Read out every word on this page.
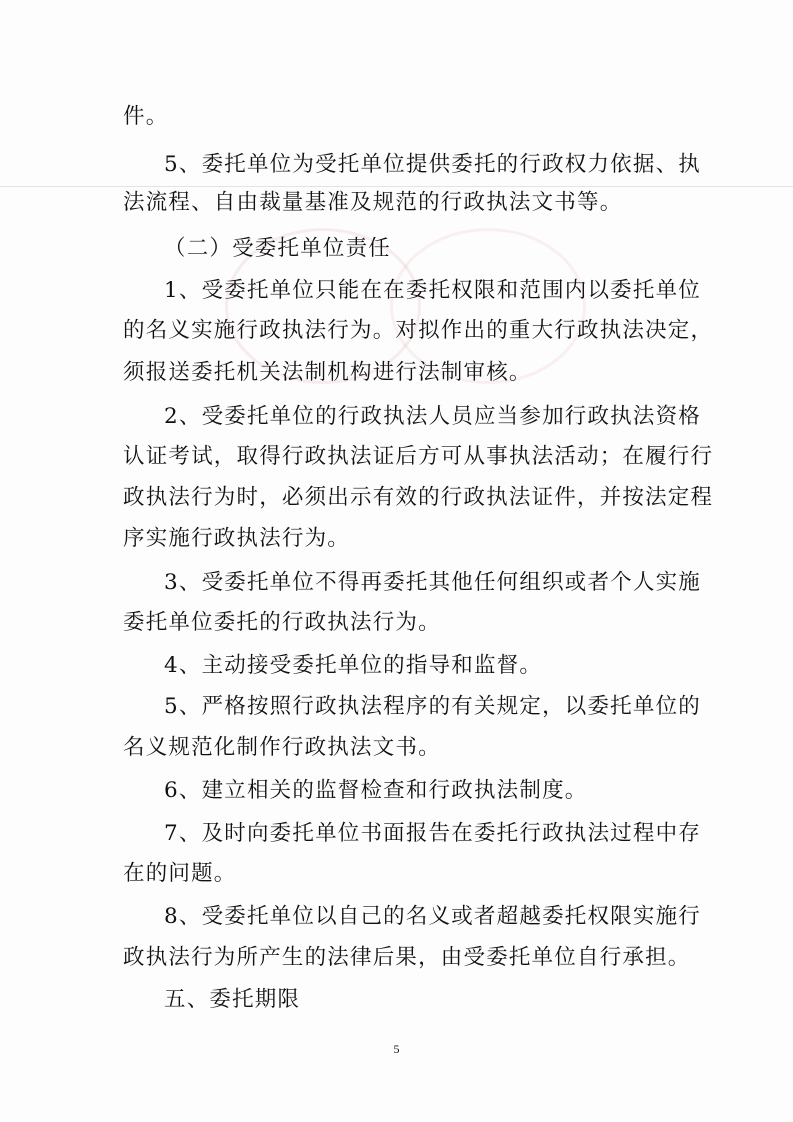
件。
5、委托单位为受托单位提供委托的行政权力依据、执
法流程、自由裁量基准及规范的行政执法文书等。
（二）受委托单位责任
1、受委托单位只能在在委托权限和范围内以委托单位
的名义实施行政执法行为。对拟作出的重大行政执法决定，
须报送委托机关法制机构进行法制审核。
2、受委托单位的行政执法人员应当参加行政执法资格
认证考试，取得行政执法证后方可从事执法活动；在履行行
政执法行为时，必须出示有效的行政执法证件，并按法定程
序实施行政执法行为。
3、受委托单位不得再委托其他任何组织或者个人实施
委托单位委托的行政执法行为。
4、主动接受委托单位的指导和监督。
5、严格按照行政执法程序的有关规定，以委托单位的
名义规范化制作行政执法文书。
6、建立相关的监督检查和行政执法制度。
7、及时向委托单位书面报告在委托行政执法过程中存
在的问题。
8、受委托单位以自己的名义或者超越委托权限实施行
政执法行为所产生的法律后果，由受委托单位自行承担。
五、委托期限
5
